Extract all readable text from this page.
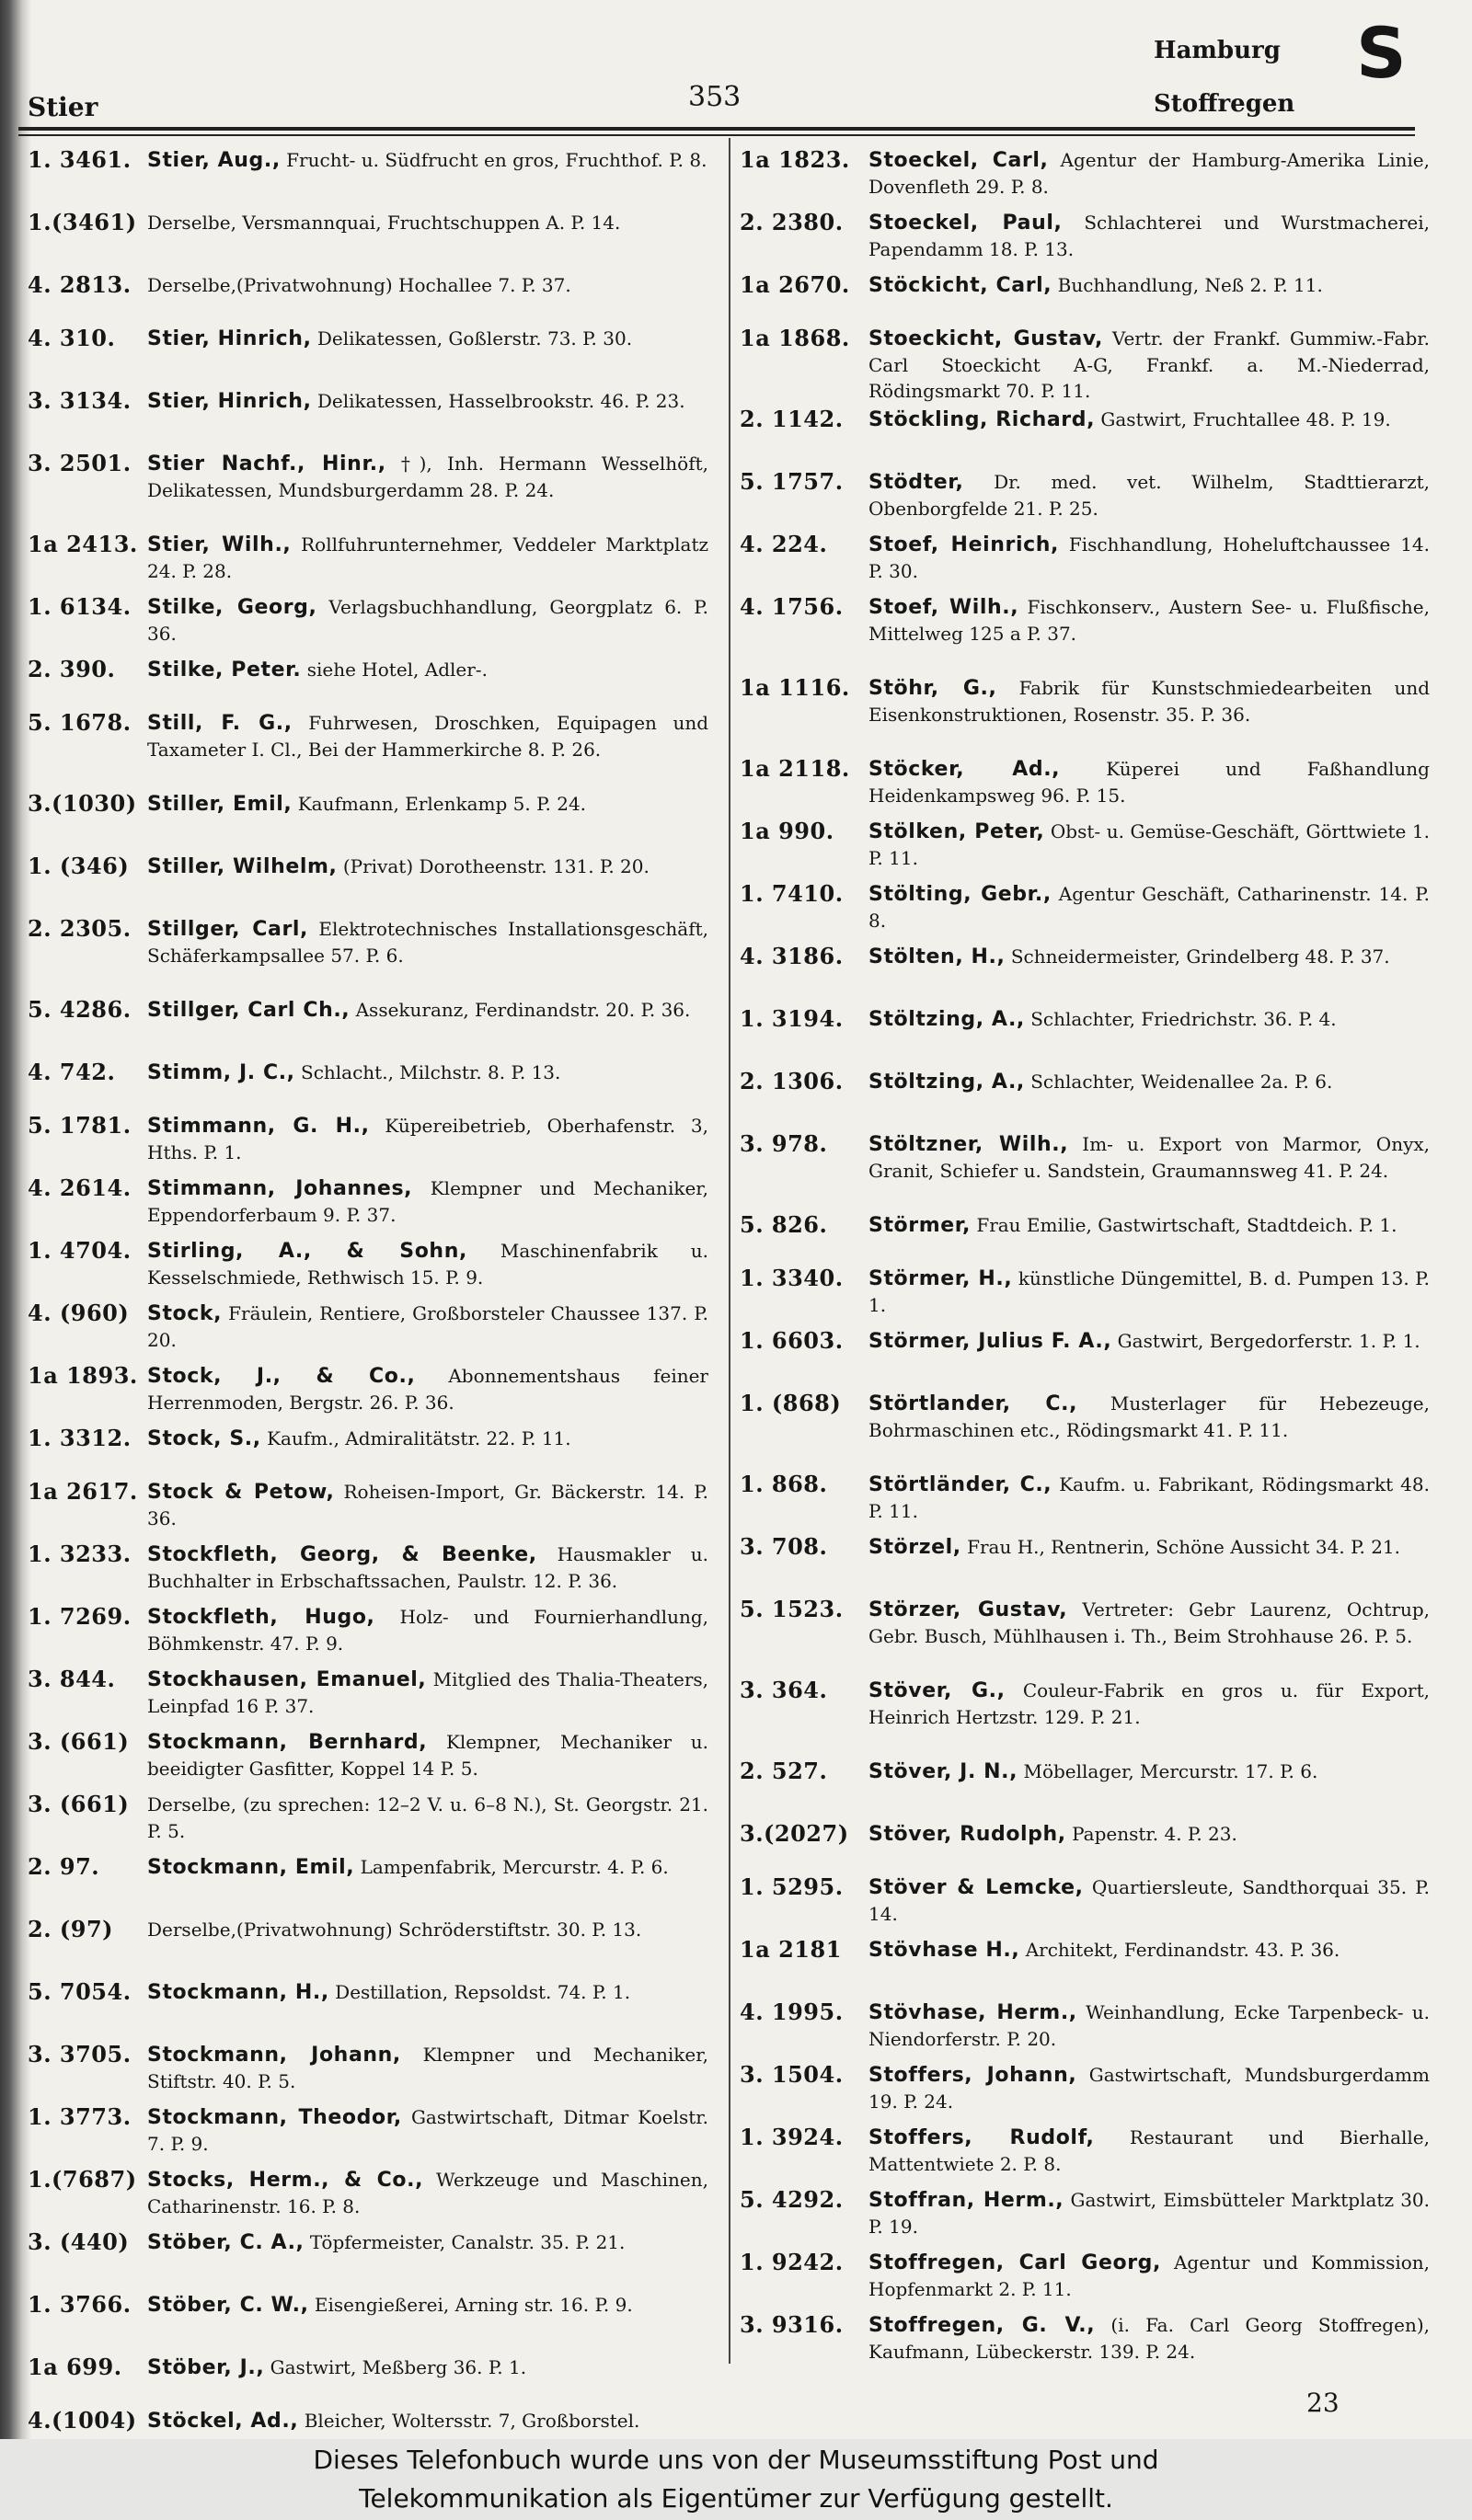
353
Stier
Hamburg S
Stoffregen
1. 3461. Stier, Aug., Frucht- u. Südfrucht en gros, Fruchthof. P. 8.
1.(3461) Derselbe, Versmannquai, Fruchtschuppen A. P. 14.
4. 2813. Derselbe,(Privatwohnung) Hochallee 7. P. 37.
4. 310.	Stier, Hinrich, Delikatessen, Goßlerstr. 73. P. 30.
3. 3134. Stier, Hinrich, Delikatessen, Hasselbrookstr. 46. P. 23.
3. 2501. Stier Nachf., Hinr., †), Inh. Hermann Wesselhöft, Delikatessen, Mundsburgerdamm 28. P. 24.
1a 2413. Stier, Wilh., Rollfuhrunternehmer, Veddeler Marktplatz 24. P. 28.
1. 6134. Stilke, Georg, Verlagsbuchhandlung, Georgplatz 6. P. 36.
2. 390.	Stilke, Peter. siehe Hotel, Adler-.
5. 1678. Still, F. G., Fuhrwesen, Droschken, Equipagen und Taxameter I. Cl., Bei der Hammerkirche 8. P. 26.
3.(1030) Stiller, Emil, Kaufmann, Erlenkamp 5. P. 24.
1. (346) Stiller, Wilhelm, (Privat) Dorotheenstr. 131. P. 20.
2. 2305. Stillger, Carl, Elektrotechnisches Installationsgeschäft, Schäferkampsallee 57. P. 6.
5. 4286. Stillger, Carl Ch., Assekuranz, Ferdinandstr. 20. P. 36.
4. 742.	Stimm, J. C., Schlacht., Milchstr. 8. P. 13.
5. 1781. Stimmann, G. H., Küpereibetrieb, Oberhafenstr. 3, Hths. P. 1.
4. 2614. Stimmann, Johannes, Klempner und Mechaniker, Eppendorferbaum 9. P. 37.
1. 4704. Stirling, A., & Sohn, Maschinenfabrik u. Kesselschmiede, Rethwisch 15. P. 9.
4. (960) Stock, Fräulein, Rentiere, Großborsteler Chaussee 137. P. 20.
1a 1893. Stock, J., & Co., Abonnementshaus feiner Herrenmoden, Bergstr. 26. P. 36.
1. 3312. Stock, S., Kaufm., Admiralitätstr. 22. P. 11.
1a 2617. Stock & Petow, Roheisen-Import, Gr. Bäckerstr. 14. P. 36.
1. 3233. Stockfleth, Georg, & Beenke, Hausmakler u. Buchhalter in Erbschaftssachen, Paulstr. 12. P. 36.
1. 7269. Stockfleth, Hugo, Holz- und Fournierhandlung, Böhmkenstr. 47. P. 9.
3. 844.	Stockhausen, Emanuel, Mitglied des Thalia-Theaters, Leinpfad 16 P. 37.
3. (661) Stockmann, Bernhard, Klempner, Mechaniker u. beeidigter Gasfitter, Koppel 14 P. 5.
3. (661) Derselbe, (zu sprechen: 12–2 V. u. 6–8 N.), St. Georgstr. 21. P. 5.
2. 97.	Stockmann, Emil, Lampenfabrik, Mercurstr. 4. P. 6.
2. (97)	Derselbe,(Privatwohnung) Schröderstiftstr. 30. P. 13.
5. 7054. Stockmann, H., Destillation, Repsoldst. 74. P. 1.
3. 3705. Stockmann, Johann, Klempner und Mechaniker, Stiftstr. 40. P. 5.
1. 3773. Stockmann, Theodor, Gastwirtschaft, Ditmar Koelstr. 7. P. 9.
1.(7687) Stocks, Herm., & Co., Werkzeuge und Maschinen, Catharinenstr. 16. P. 8.
3. (440) Stöber, C. A., Töpfermeister, Canalstr. 35. P. 21.
1. 3766. Stöber, C. W., Eisengießerei, Arning str. 16. P. 9.
1a 699.	Stöber, J., Gastwirt, Meßberg 36. P. 1.
4.(1004) Stöckel, Ad., Bleicher, Woltersstr. 7, Großborstel.
1a 1823. Stoeckel, Carl, Agentur der Hamburg-Amerika Linie, Dovenfleth 29. P. 8.
2. 2380.	Stoeckel, Paul, Schlachterei und Wurstmacherei, Papendamm 18. P. 13.
1a 2670. Stöckicht, Carl, Buchhandlung, Neß 2. P. 11.
1a 1868. Stoeckicht, Gustav, Vertr. der Frankf. Gummiw.-Fabr. Carl Stoeckicht A-G, Frankf. a. M.-Niederrad, Rödingsmarkt 70. P. 11.
2. 1142.	Stöckling, Richard, Gastwirt, Fruchtallee 48. P. 19.
5. 1757.	Stödter, Dr. med. vet. Wilhelm, Stadttierarzt, Obenborgfelde 21. P. 25.
4. 224.	Stoef, Heinrich, Fischhandlung, Hoheluftchaussee 14. P. 30.
4. 1756.	Stoef, Wilh., Fischkonserv., Austern See- u. Flußfische, Mittelweg 125 a P. 37.
1a 1116. Stöhr, G., Fabrik für Kunstschmiedearbeiten und Eisenkonstruktionen, Rosenstr. 35. P. 36.
1a 2118. Stöcker, Ad.,	Küperei und Faßhandlung Heidenkampsweg 96. P. 15.
1a 990.	Stölken, Peter, Obst- u. Gemüse-Geschäft, Görttwiete 1. P. 11.
1. 7410.	Stölting, Gebr., Agentur Geschäft, Catharinenstr. 14. P. 8.
4. 3186.	Stölten, H., Schneidermeister, Grindelberg 48. P. 37.
1. 3194.	Stöltzing, A., Schlachter, Friedrichstr. 36. P. 4.
2. 1306.	Stöltzing, A., Schlachter, Weidenallee 2a. P. 6.
3. 978.	Stöltzner, Wilh., Im- u. Export von Marmor, Onyx, Granit, Schiefer u. Sandstein, Graumannsweg 41. P. 24.
5. 826.	Störmer, Frau Emilie, Gastwirtschaft, Stadtdeich. P. 1.
1. 3340.	Störmer, H., künstliche Düngemittel, B. d. Pumpen 13. P. 1.
1. 6603.	Störmer, Julius F. A., Gastwirt, Bergedorferstr. 1. P. 1.
1. (868)	Störtlander, C., Musterlager für Hebezeuge, Bohrmaschinen etc., Rödingsmarkt 41. P. 11.
1. 868.	Störtländer, C., Kaufm. u. Fabrikant, Rödingsmarkt 48. P. 11.
3. 708.	Störzel, Frau H., Rentnerin, Schöne Aussicht 34. P. 21.
5. 1523.	Störzer, Gustav, Vertreter: Gebr Laurenz, Ochtrup, Gebr. Busch, Mühlhausen i. Th., Beim Strohhause 26. P. 5.
3. 364.	Stöver, G., Couleur-Fabrik en gros u. für Export, Heinrich Hertzstr. 129. P. 21.
2. 527.	Stöver, J. N., Möbellager, Mercurstr. 17. P. 6.
3.(2027) Stöver, Rudolph, Papenstr. 4. P. 23.
1. 5295.	Stöver & Lemcke, Quartiersleute, Sandthorquai 35. P. 14.
1a 2181	Stövhase H., Architekt, Ferdinandstr. 43. P. 36.
4. 1995.	Stövhase, Herm., Weinhandlung, Ecke Tarpenbeck- u. Niendorferstr. P. 20.
3. 1504.	Stoffers, Johann, Gastwirtschaft, Mundsburgerdamm 19. P. 24.
1. 3924.	Stoffers, Rudolf, Restaurant und Bierhalle, Mattentwiete 2. P. 8.
5. 4292.	Stoffran, Herm., Gastwirt, Eimsbütteler Marktplatz 30. P. 19.
1. 9242.	Stoffregen, Carl Georg, Agentur und Kommission, Hopfenmarkt 2. P. 11.
3. 9316.	Stoffregen, G. V., (i. Fa. Carl Georg Stoffregen), Kaufmann, Lübeckerstr. 139. P. 24.
23
Dieses Telefonbuch wurde uns von der Museumsstiftung Post und
Telekommunikation als Eigentümer zur Verfügung gestellt.
